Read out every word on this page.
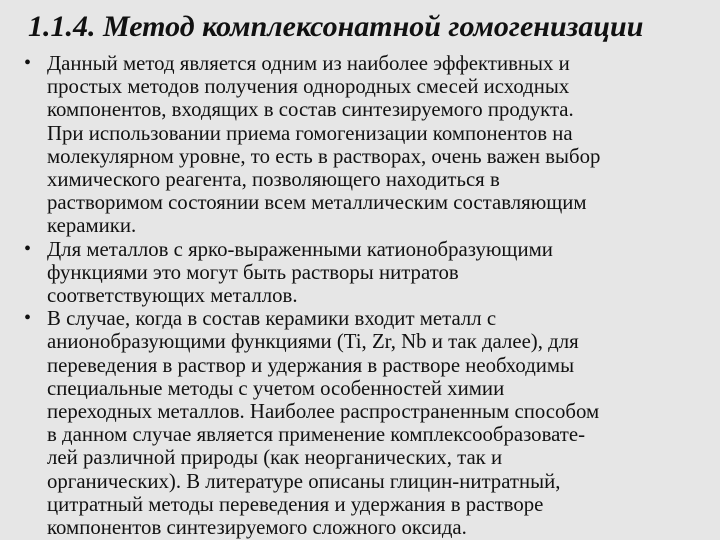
1.1.4. Метод комплексонатной гомогенизации
• Данный метод является одним из наиболее эффективных и
простых методов получения однородных смесей исходных
компонентов, входящих в состав синтезируемого продукта.
При использовании приема гомогенизации компонентов на
молекулярном уровне, то есть в растворах, очень важен выбор
химического реагента, позволяющего находиться в
растворимом состоянии всем металлическим составляющим
керамики.
• Для металлов с ярко-выраженными катионобразующими
функциями это могут быть растворы нитратов
соответствующих металлов.
• В случае, когда в состав керамики входит металл с
анионобразующими функциями (Ti, Zr, Nb и так далее), для
переведения в раствор и удержания в растворе необходимы
специальные методы с учетом особенностей химии
переходных металлов. Наиболее распространенным способом
в данном случае является применение комплексообразовате-
лей различной природы (как неорганических, так и
органических). В литературе описаны глицин-нитратный,
цитратный методы переведения и удержания в растворе
компонентов синтезируемого сложного оксида.
